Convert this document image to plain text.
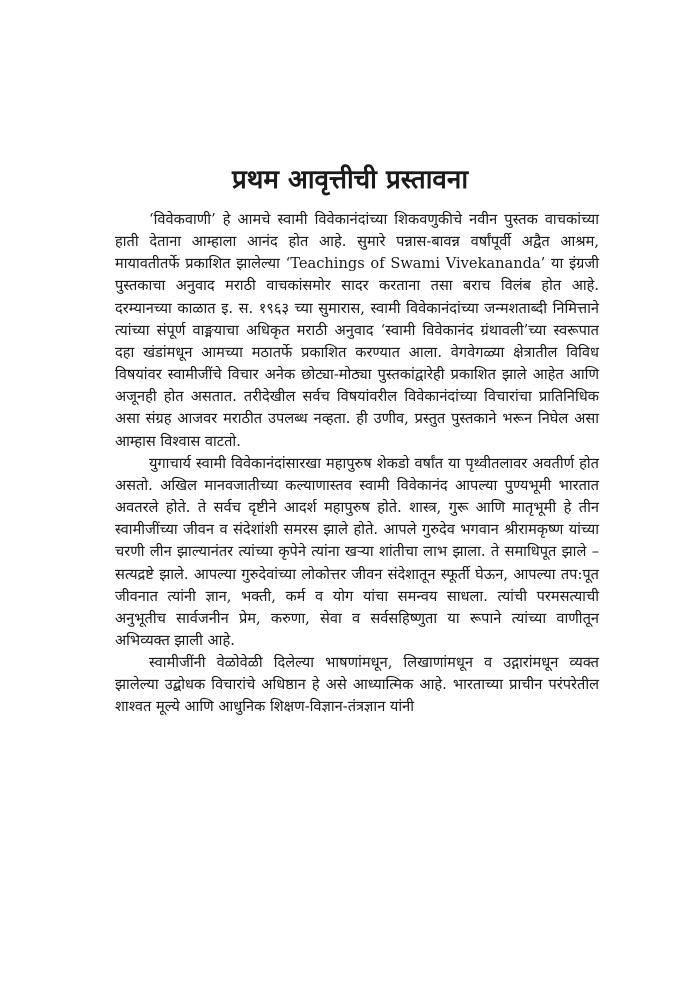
प्रथम आवृत्तीची प्रस्तावना

‘विवेकवाणी’ हे आमचे स्वामी विवेकानंदांच्या शिकवणुकीचे नवीन पुस्तक वाचकांच्या हाती देताना आम्हाला आनंद होत आहे. सुमारे पन्नास-बावन्न वर्षांपूर्वी अद्वैत आश्रम, मायावतीतर्फे प्रकाशित झालेल्या ‘Teachings of Swami Vivekananda’ या इंग्रजी पुस्तकाचा अनुवाद मराठी वाचकांसमोर सादर करताना तसा बराच विलंब होत आहे. दरम्यानच्या काळात इ. स. १९६३ च्या सुमारास, स्वामी विवेकानंदांच्या जन्मशताब्दी निमित्ताने त्यांच्या संपूर्ण वाङ्मयाचा अधिकृत मराठी अनुवाद ‘स्वामी विवेकानंद ग्रंथावली’च्या स्वरूपात दहा खंडांमधून आमच्या मठातर्फे प्रकाशित करण्यात आला. वेगवेगळ्या क्षेत्रातील विविध विषयांवर स्वामीजींचे विचार अनेक छोट्या-मोठ्या पुस्तकांद्वारेही प्रकाशित झाले आहेत आणि अजूनही होत असतात. तरीदेखील सर्वच विषयांवरील विवेकानंदांच्या विचारांचा प्रातिनिधिक असा संग्रह आजवर मराठीत उपलब्ध नव्हता. ही उणीव, प्रस्तुत पुस्तकाने भरून निघेल असा आम्हास विश्वास वाटतो.

युगाचार्य स्वामी विवेकानंदांसारखा महापुरुष शेकडो वर्षांत या पृथ्वीतलावर अवतीर्ण होत असतो. अखिल मानवजातीच्या कल्याणास्तव स्वामी विवेकानंद आपल्या पुण्यभूमी भारतात अवतरले होते. ते सर्वच दृष्टीने आदर्श महापुरुष होते. शास्त्र, गुरू आणि मातृभूमी हे तीन स्वामीजींच्या जीवन व संदेशांशी समरस झाले होते. आपले गुरुदेव भगवान श्रीरामकृष्ण यांच्या चरणी लीन झाल्यानंतर त्यांच्या कृपेने त्यांना खऱ्या शांतीचा लाभ झाला. ते समाधिपूत झाले – सत्यद्रष्टे झाले. आपल्या गुरुदेवांच्या लोकोत्तर जीवन संदेशातून स्फूर्ती घेऊन, आपल्या तप:पूत जीवनात त्यांनी ज्ञान, भक्ती, कर्म व योग यांचा समन्वय साधला. त्यांची परमसत्याची अनुभूतीच सार्वजनीन प्रेम, करुणा, सेवा व सर्वसहिष्णुता या रूपाने त्यांच्या वाणीतून अभिव्यक्त झाली आहे.

स्वामीजींनी वेळोवेळी दिलेल्या भाषणांमधून, लिखाणांमधून व उद्गारांमधून व्यक्त झालेल्या उद्बोधक विचारांचे अधिष्ठान हे असे आध्यात्मिक आहे. भारताच्या प्राचीन परंपरेतील शाश्वत मूल्ये आणि आधुनिक शिक्षण-विज्ञान-तंत्रज्ञान यांनी
